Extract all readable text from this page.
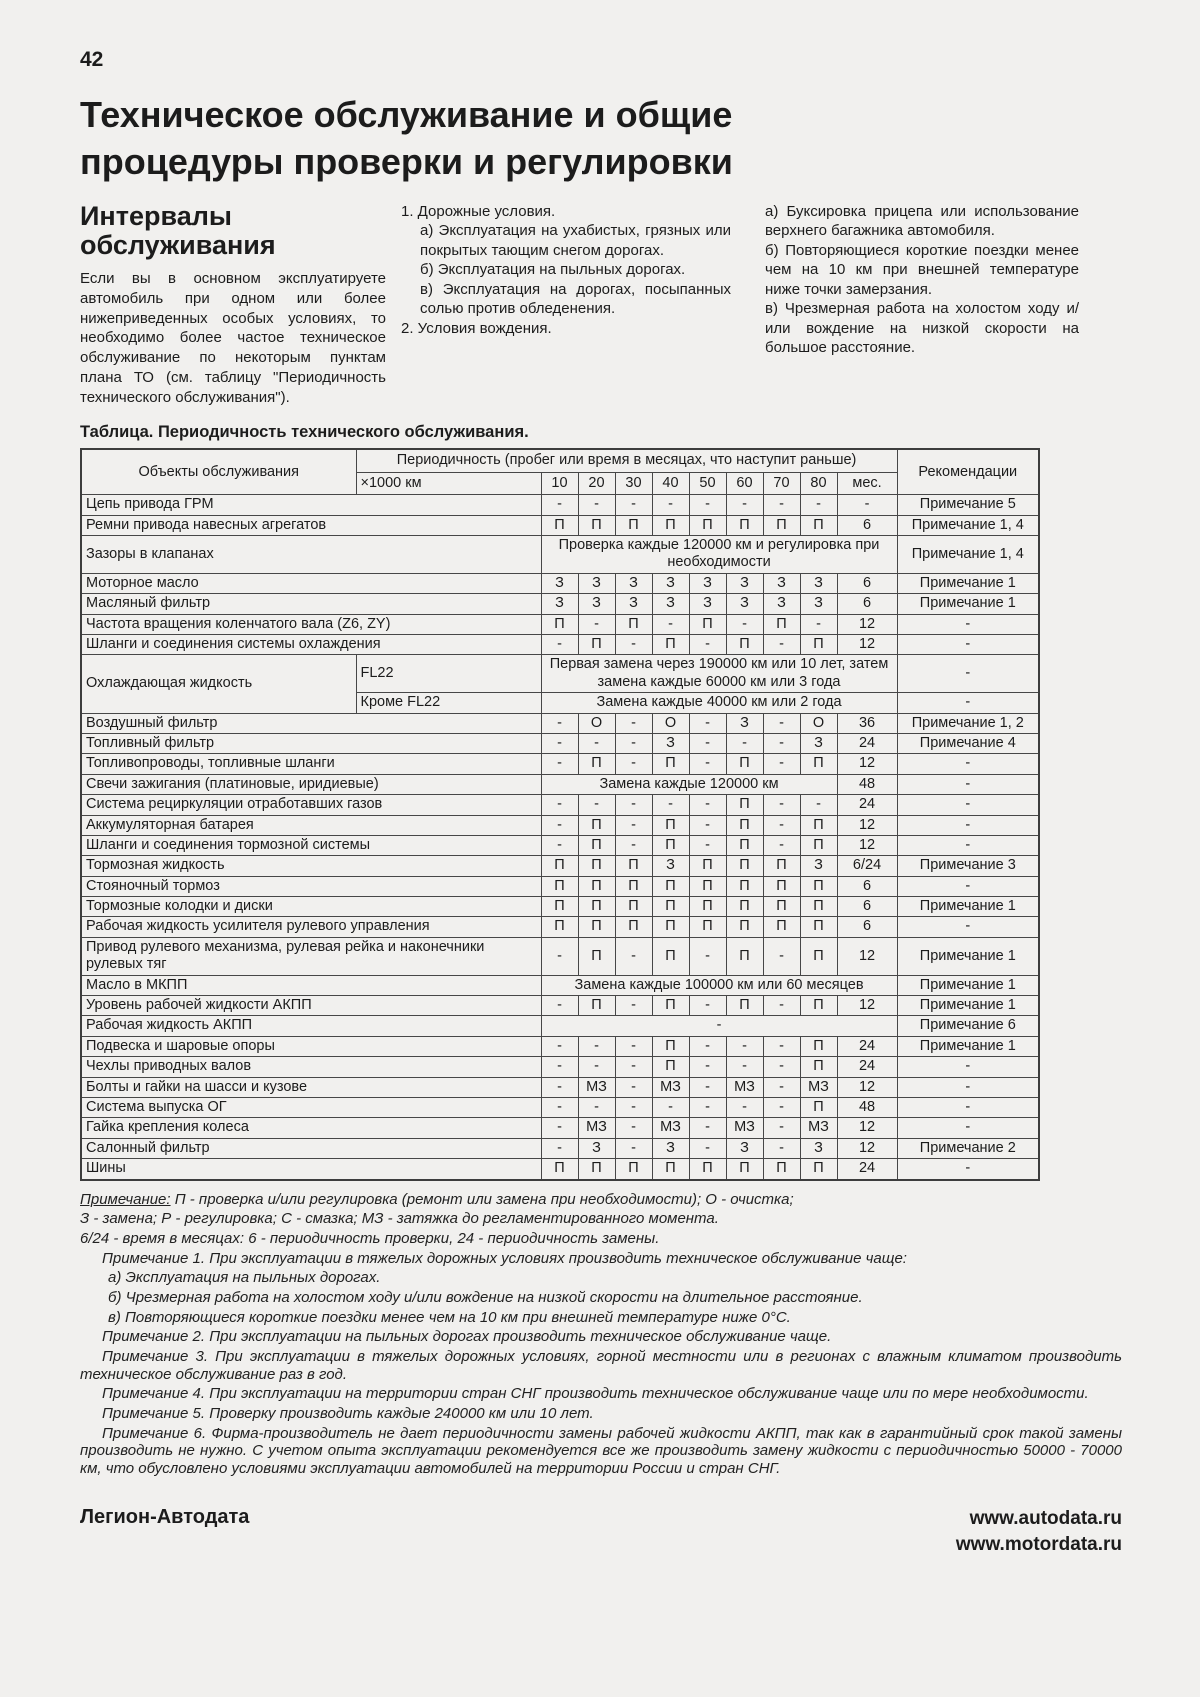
42
Техническое обслуживание и общие
процедуры проверки и регулировки
Интервалы обслуживания

Если вы в основном эксплуатируете автомобиль при одном или более нижеприведенных особых условиях, то необходимо более частое техническое обслуживание по некоторым пунктам плана ТО (см. таблицу "Периодичность технического обслуживания").

1. Дорожные условия.

а) Эксплуатация на ухабистых, грязных или покрытых тающим снегом дорогах.

б) Эксплуатация на пыльных дорогах.

в) Эксплуатация на дорогах, посыпанных солью против обледенения.

2. Условия вождения.

а) Буксировка прицепа или использование верхнего багажника автомобиля.

б) Повторяющиеся короткие поездки менее чем на 10 км при внешней температуре ниже точки замерзания.

в) Чрезмерная работа на холостом ходу и/или вождение на низкой скорости на большое расстояние.

Таблица. Периодичность технического обслуживания.
Объекты обслуживания	Периодичность (пробег или время в месяцах, что наступит раньше)										Рекомендации
	×1000 км	10	20	30	40	50	60	70	80	мес.	
Цепь привода ГРМ		-	-	-	-	-	-	-	-	-	Примечание 5
Ремни привода навесных агрегатов		П	П	П	П	П	П	П	П	6	Примечание 1, 4
Зазоры в клапанах		Проверка каждые 120000 км и регулировка при необходимости									Примечание 1, 4
Моторное масло		З	З	З	З	З	З	З	З	6	Примечание 1
Масляный фильтр		З	З	З	З	З	З	З	З	6	Примечание 1
Частота вращения коленчатого вала (Z6, ZY)		П	-	П	-	П	-	П	-	12	-
Шланги и соединения системы охлаждения		-	П	-	П	-	П	-	П	12	-
Охлаждающая жидкость	FL22	Первая замена через 190000 км или 10 лет, затем замена каждые 60000 км или 3 года									-
	Кроме FL22	Замена каждые 40000 км или 2 года									-
Воздушный фильтр		-	О	-	О	-	З	-	О	36	Примечание 1, 2
Топливный фильтр		-	-	-	З	-	-	-	З	24	Примечание 4
Топливопроводы, топливные шланги		-	П	-	П	-	П	-	П	12	-
Свечи зажигания (платиновые, иридиевые)		Замена каждые 120000 км								48	-
Система рециркуляции отработавших газов		-	-	-	-	-	П	-	-	24	-
Аккумуляторная батарея		-	П	-	П	-	П	-	П	12	-
Шланги и соединения тормозной системы		-	П	-	П	-	П	-	П	12	-
Тормозная жидкость		П	П	П	З	П	П	П	З	6/24	Примечание 3
Стояночный тормоз		П	П	П	П	П	П	П	П	6	-
Тормозные колодки и диски		П	П	П	П	П	П	П	П	6	Примечание 1
Рабочая жидкость усилителя рулевого управления		П	П	П	П	П	П	П	П	6	-
Привод рулевого механизма, рулевая рейка и наконечники рулевых тяг		-	П	-	П	-	П	-	П	12	Примечание 1
Масло в МКПП		Замена каждые 100000 км или 60 месяцев									Примечание 1
Уровень рабочей жидкости АКПП		-	П	-	П	-	П	-	П	12	Примечание 1
Рабочая жидкость АКПП		-									Примечание 6
Подвеска и шаровые опоры		-	-	-	П	-	-	-	П	24	Примечание 1
Чехлы приводных валов		-	-	-	П	-	-	-	П	24	-
Болты и гайки на шасси и кузове		-	МЗ	-	МЗ	-	МЗ	-	МЗ	12	-
Система выпуска ОГ		-	-	-	-	-	-	-	П	48	-
Гайка крепления колеса		-	МЗ	-	МЗ	-	МЗ	-	МЗ	12	-
Салонный фильтр		-	З	-	З	-	З	-	З	12	Примечание 2
Шины		П	П	П	П	П	П	П	П	24	-

Примечание: П - проверка и/или регулировка (ремонт или замена при необходимости); О - очистка;

З - замена; Р - регулировка; С - смазка; МЗ - затяжка до регламентированного момента.

6/24 - время в месяцах: 6 - периодичность проверки, 24 - периодичность замены.

Примечание 1. При эксплуатации в тяжелых дорожных условиях производить техническое обслуживание чаще:

а) Эксплуатация на пыльных дорогах.

б) Чрезмерная работа на холостом ходу и/или вождение на низкой скорости на длительное расстояние.

в) Повторяющиеся короткие поездки менее чем на 10 км при внешней температуре ниже 0°С.

Примечание 2. При эксплуатации на пыльных дорогах производить техническое обслуживание чаще.

Примечание 3. При эксплуатации в тяжелых дорожных условиях, горной местности или в регионах с влажным климатом производить техническое обслуживание раз в год.

Примечание 4. При эксплуатации на территории стран СНГ производить техническое обслуживание чаще или по мере необходимости.

Примечание 5. Проверку производить каждые 240000 км или 10 лет.

Примечание 6. Фирма-производитель не дает периодичности замены рабочей жидкости АКПП, так как в гарантийный срок такой замены производить не нужно. С учетом опыта эксплуатации рекомендуется все же производить замену жидкости с периодичностью 50000 - 70000 км, что обусловлено условиями эксплуатации автомобилей на территории России и стран СНГ.

Легион-Автодата	www.autodata.ru
www.motordata.ru
